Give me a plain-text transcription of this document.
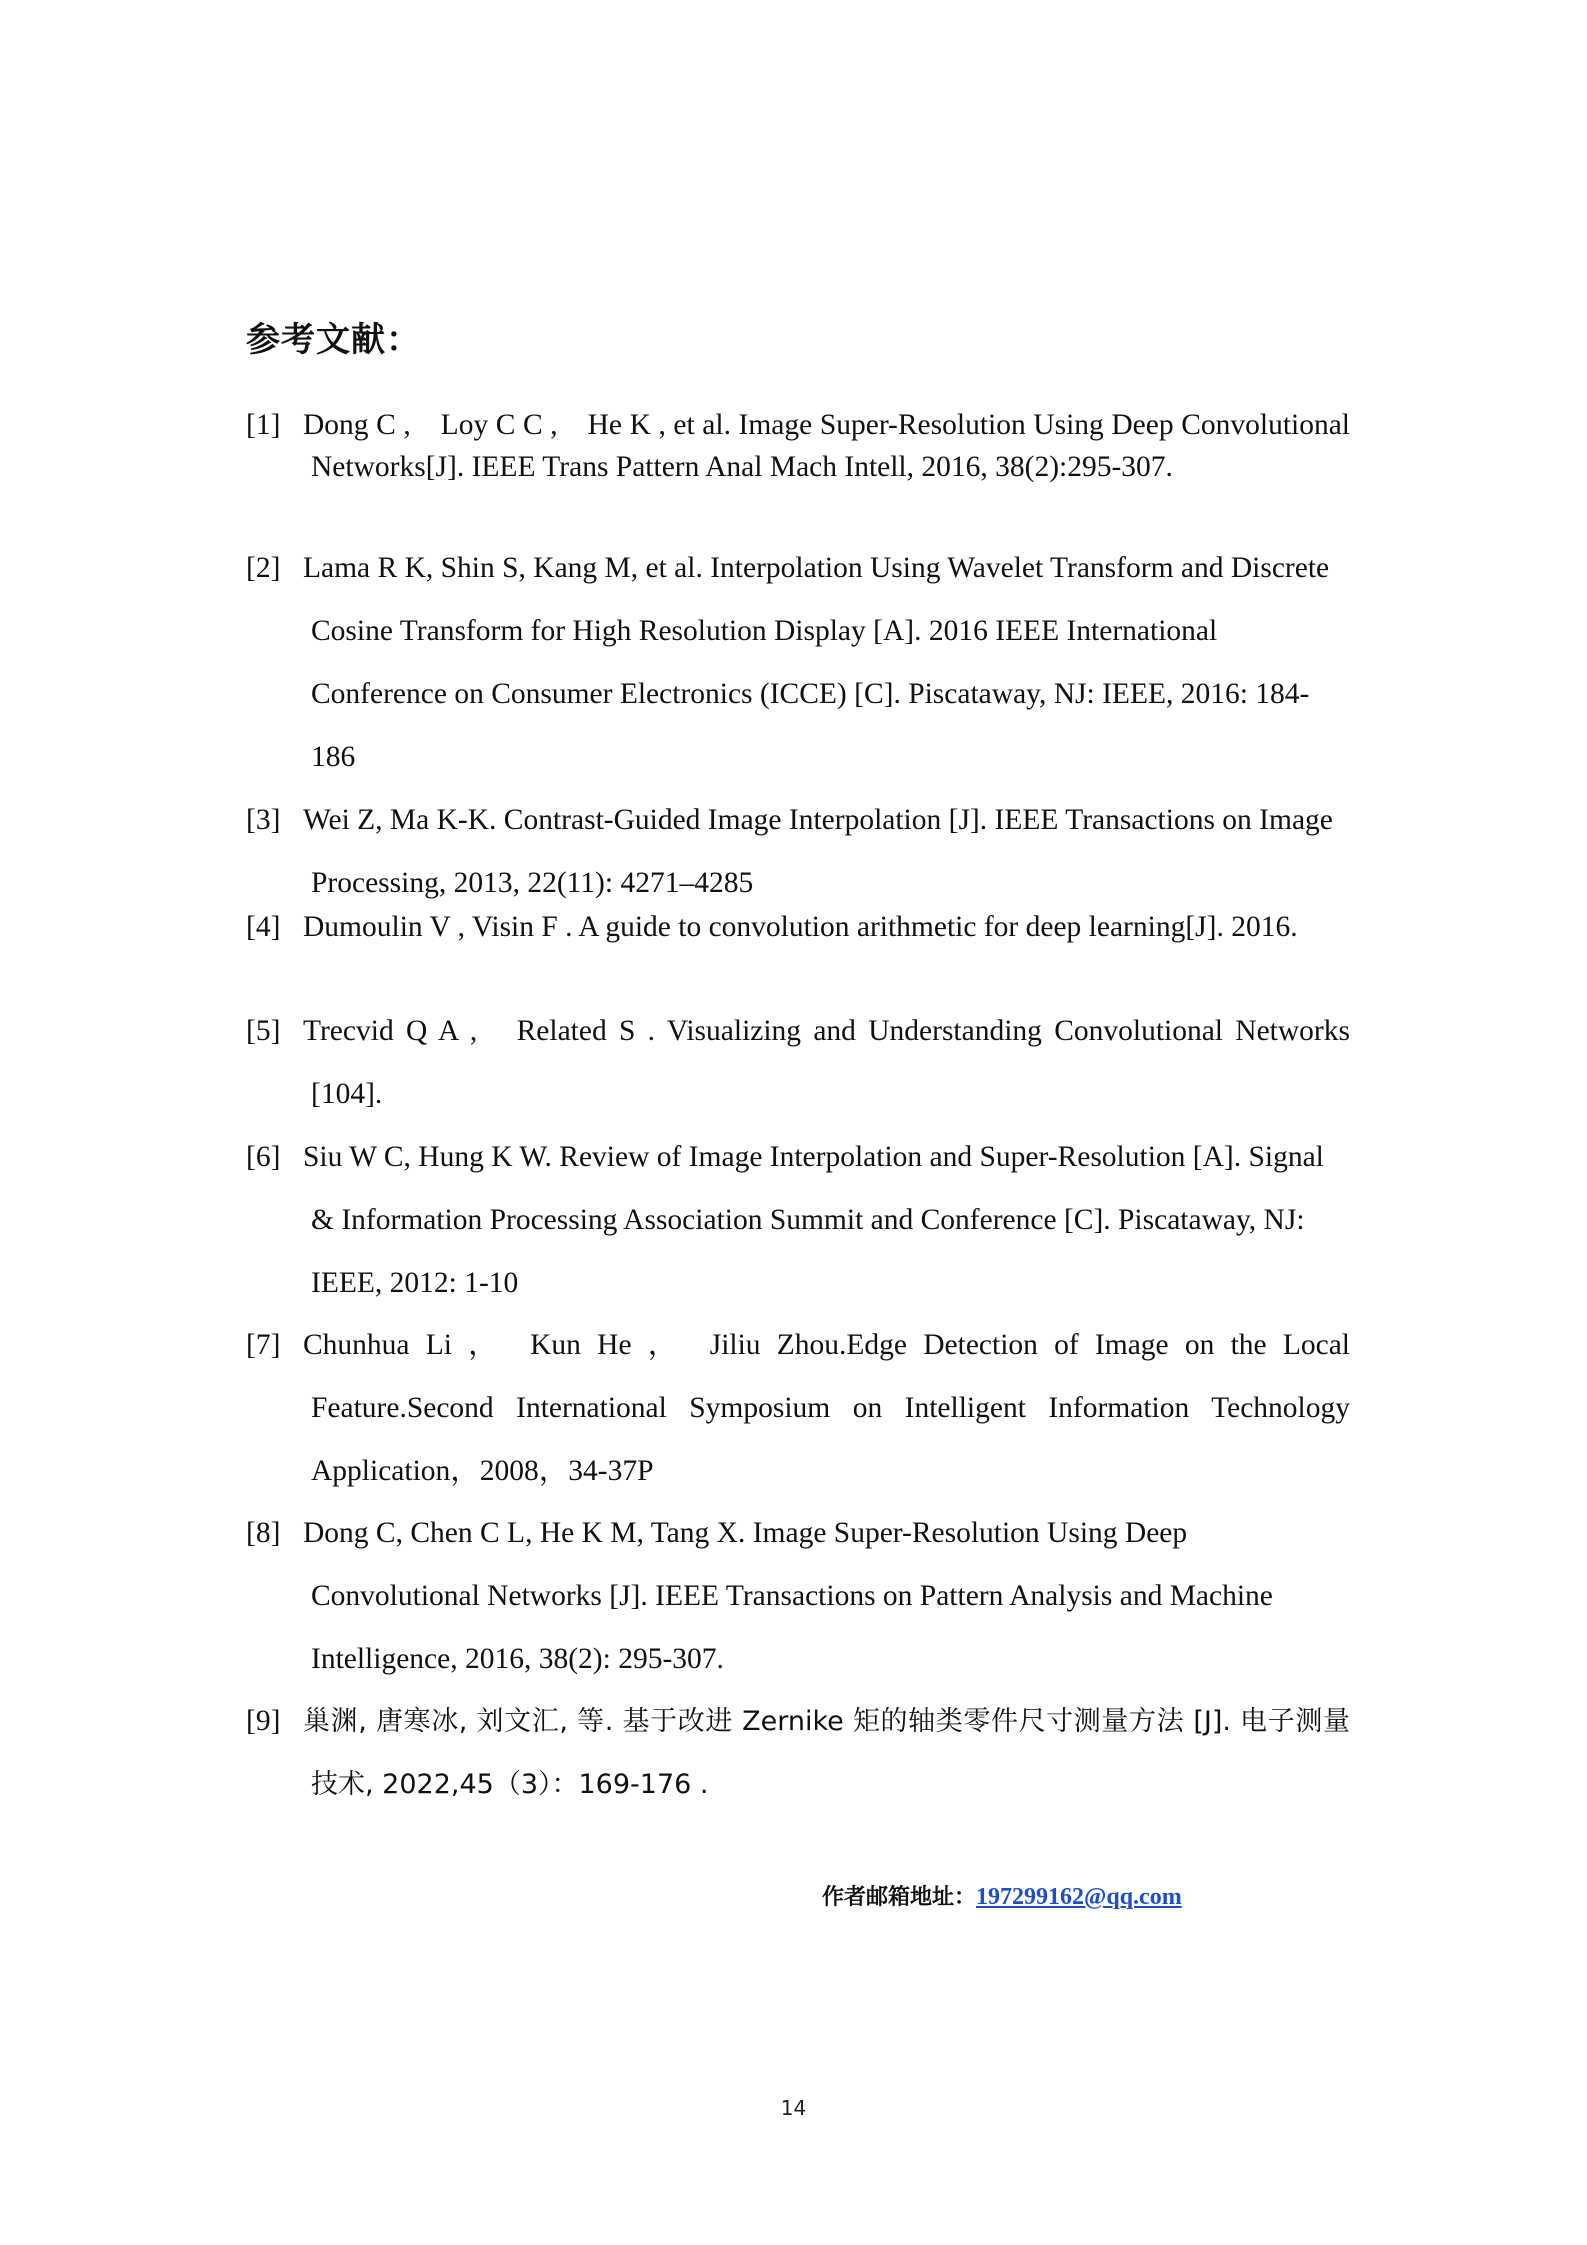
参考文献：
[1] Dong C ,　Loy C C ,　He K , et al. Image Super-Resolution Using Deep Convolutional Networks[J]. IEEE Trans Pattern Anal Mach Intell, 2016, 38(2):295-307.
[2] Lama R K, Shin S, Kang M, et al. Interpolation Using Wavelet Transform and Discrete Cosine Transform for High Resolution Display [A]. 2016 IEEE International Conference on Consumer Electronics (ICCE) [C]. Piscataway, NJ: IEEE, 2016: 184-186
[3] Wei Z, Ma K-K. Contrast-Guided Image Interpolation [J]. IEEE Transactions on Image Processing, 2013, 22(11): 4271–4285
[4] Dumoulin V , Visin F . A guide to convolution arithmetic for deep learning[J]. 2016.
[5] Trecvid Q A ,　Related S . Visualizing and Understanding Convolutional Networks [104].
[6] Siu W C, Hung K W. Review of Image Interpolation and Super-Resolution [A]. Signal & Information Processing Association Summit and Conference [C]. Piscataway, NJ: IEEE, 2012: 1-10
[7] Chunhua Li ，　Kun He ，　Jiliu Zhou.Edge Detection of Image on the Local Feature.Second International Symposium on Intelligent Information Technology Application，2008，34-37P
[8] Dong C, Chen C L, He K M, Tang X. Image Super-Resolution Using Deep Convolutional Networks [J]. IEEE Transactions on Pattern Analysis and Machine Intelligence, 2016, 38(2): 295-307.
[9] 巢渊, 唐寒冰, 刘文汇, 等. 基于改进 Zernike 矩的轴类零件尺寸测量方法 [J]. 电子测量技术, 2022,45（3）：169-176 .
作者邮箱地址：197299162@qq.com
14
